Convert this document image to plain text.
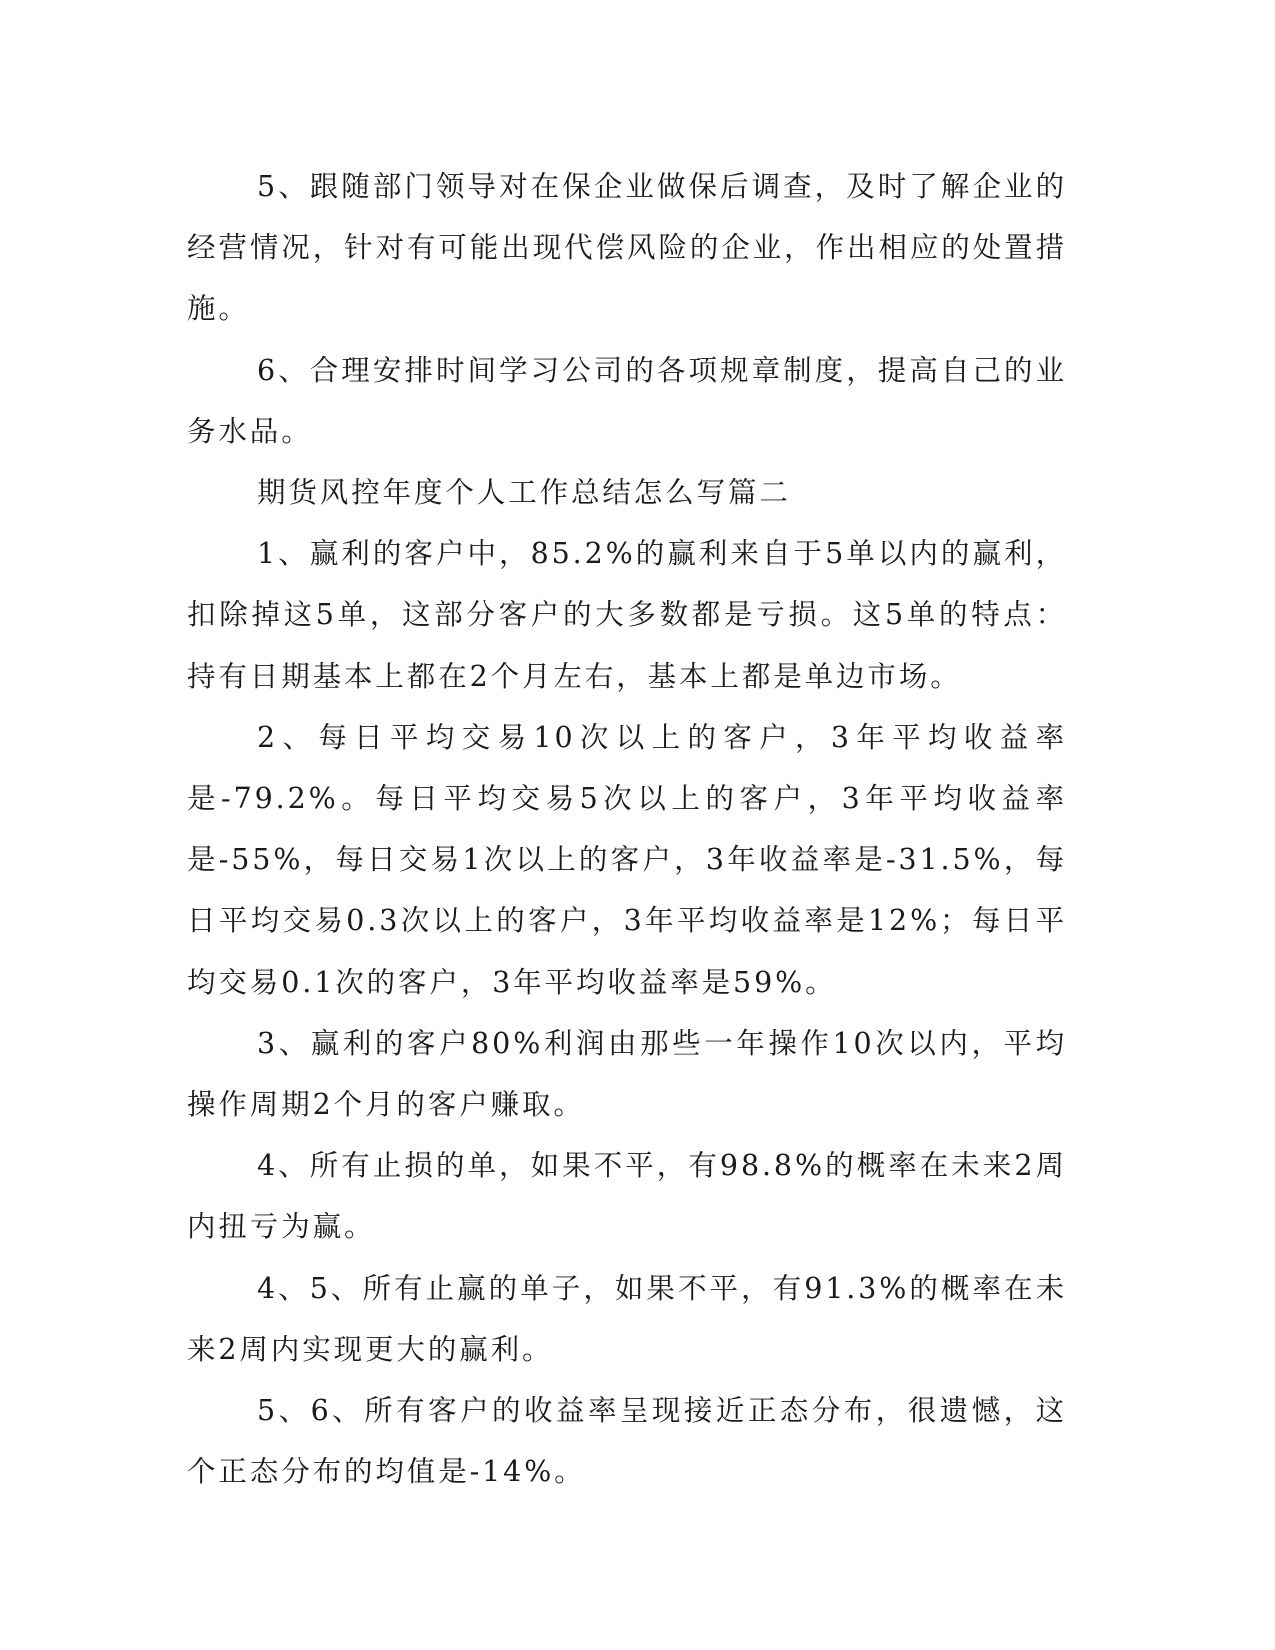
5、跟随部门领导对在保企业做保后调查，及时了解企业的经营情况，针对有可能出现代偿风险的企业，作出相应的处置措施。

6、合理安排时间学习公司的各项规章制度，提高自己的业务水品。

期货风控年度个人工作总结怎么写篇二

1、赢利的客户中，85.2%的赢利来自于5单以内的赢利，扣除掉这5单，这部分客户的大多数都是亏损。这5单的特点：持有日期基本上都在2个月左右，基本上都是单边市场。

2、每日平均交易10次以上的客户，3年平均收益率是-79.2%。每日平均交易5次以上的客户，3年平均收益率是-55%，每日交易1次以上的客户，3年收益率是-31.5%，每日平均交易0.3次以上的客户，3年平均收益率是12%；每日平均交易0.1次的客户，3年平均收益率是59%。

3、赢利的客户80%利润由那些一年操作10次以内，平均操作周期2个月的客户赚取。

4、所有止损的单，如果不平，有98.8%的概率在未来2周内扭亏为赢。

4、5、所有止赢的单子，如果不平，有91.3%的概率在未来2周内实现更大的赢利。

5、6、所有客户的收益率呈现接近正态分布，很遗憾，这个正态分布的均值是-14%。
